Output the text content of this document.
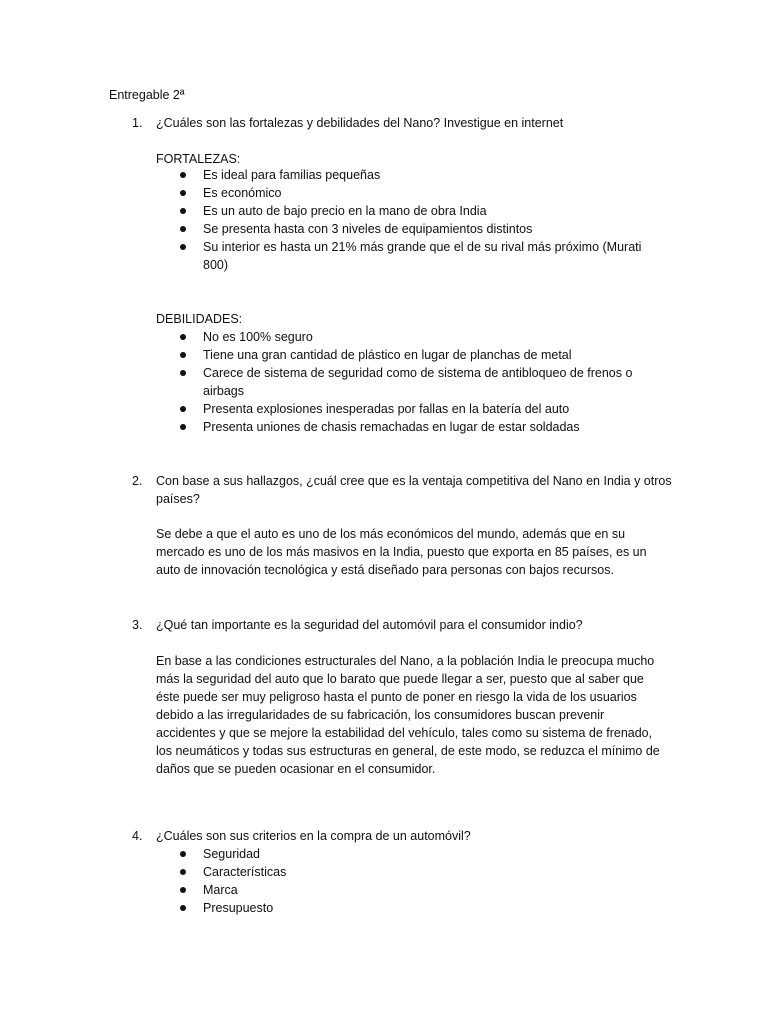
Entregable 2ª
1.	¿Cuáles son las fortalezas y debilidades del Nano? Investigue en internet
FORTALEZAS:
Es ideal para familias pequeñas
Es económico
Es un auto de bajo precio en la mano de obra India
Se presenta hasta con 3 niveles de equipamientos distintos
Su interior es hasta un 21% más grande que el de su rival más próximo (Murati 800)
DEBILIDADES:
No es 100% seguro
Tiene una gran cantidad de plástico en lugar de planchas de metal
Carece de sistema de seguridad como de sistema de antibloqueo de frenos o airbags
Presenta explosiones inesperadas por fallas en la batería del auto
Presenta uniones de chasis remachadas en lugar de estar soldadas
2.	Con base a sus hallazgos, ¿cuál cree que es la ventaja competitiva del Nano en India y otros países?
Se debe a que el auto es uno de los más económicos del mundo, además que en su mercado es uno de los más masivos en la India, puesto que exporta en 85 países, es un auto de innovación tecnológica y está diseñado para personas con bajos recursos.
3.	¿Qué tan importante es la seguridad del automóvil para el consumidor indio?
En base a las condiciones estructurales del Nano, a la población India le preocupa mucho más la seguridad del auto que lo barato que puede llegar a ser, puesto que al saber que éste puede ser muy peligroso hasta el punto de poner en riesgo la vida de los usuarios debido a las irregularidades de su fabricación, los consumidores buscan prevenir accidentes y que se mejore la estabilidad del vehículo, tales como su sistema de frenado, los neumáticos y todas sus estructuras en general, de este modo, se reduzca el mínimo de daños que se pueden ocasionar en el consumidor.
4.	¿Cuáles son sus criterios en la compra de un automóvil?
Seguridad
Características
Marca
Presupuesto
